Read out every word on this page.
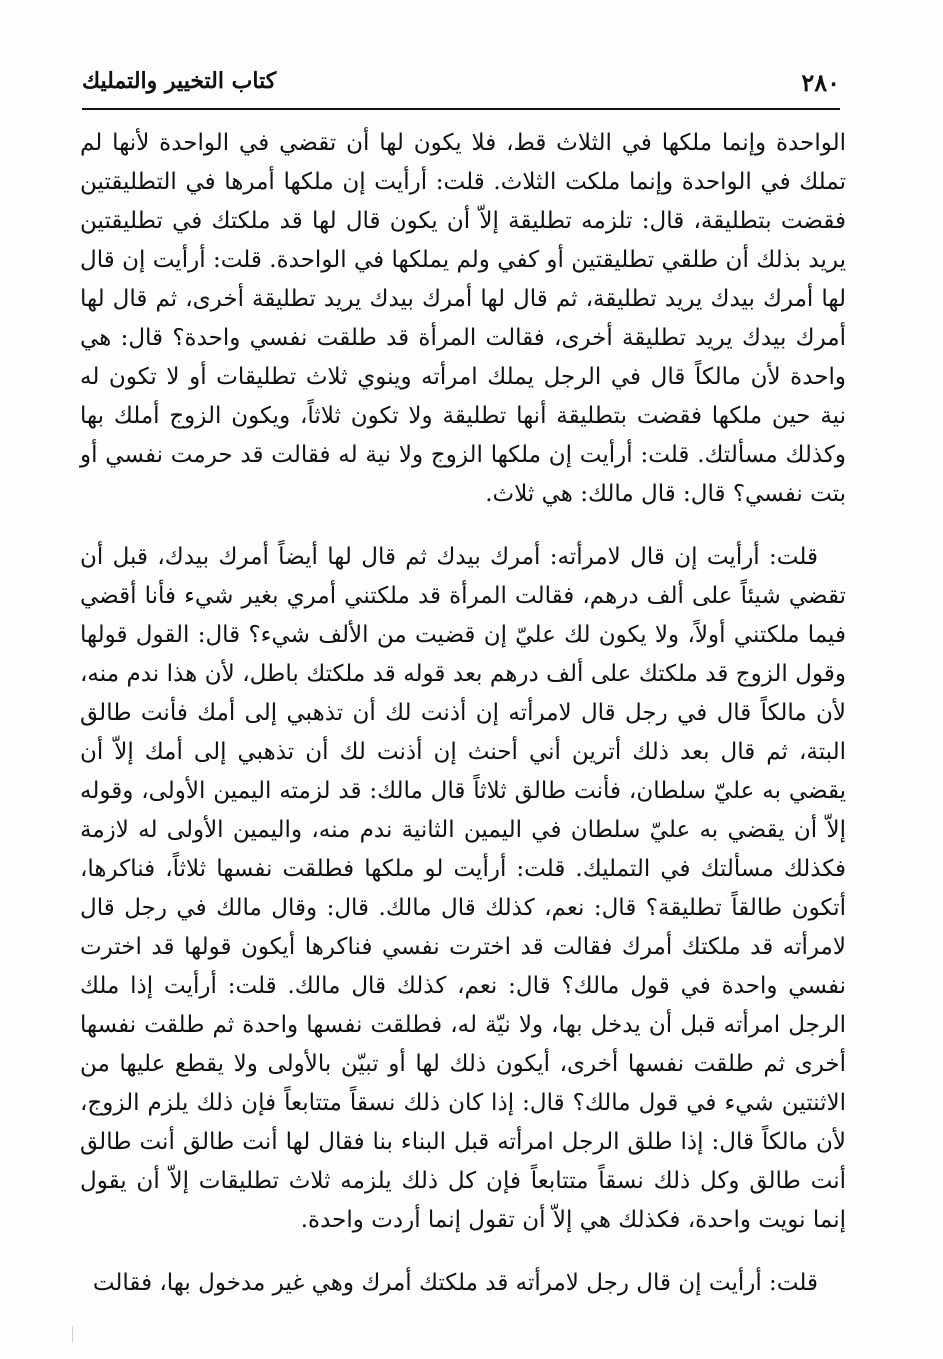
كتاب التخيير والتمليك	٢٨٠

الواحدة وإنما ملكها في الثلاث قط، فلا يكون لها أن تقضي في الواحدة لأنها لم تملك في الواحدة وإنما ملكت الثلاث. قلت: أرأيت إن ملكها أمرها في التطليقتين فقضت بتطليقة، قال: تلزمه تطليقة إلاّ أن يكون قال لها قد ملكتك في تطليقتين يريد بذلك أن طلقي تطليقتين أو كفي ولم يملكها في الواحدة. قلت: أرأيت إن قال لها أمرك بيدك يريد تطليقة، ثم قال لها أمرك بيدك يريد تطليقة أخرى، ثم قال لها أمرك بيدك يريد تطليقة أخرى، فقالت المرأة قد طلقت نفسي واحدة؟ قال: هي واحدة لأن مالكاً قال في الرجل يملك امرأته وينوي ثلاث تطليقات أو لا تكون له نية حين ملكها فقضت بتطليقة أنها تطليقة ولا تكون ثلاثاً، ويكون الزوج أملك بها وكذلك مسألتك. قلت: أرأيت إن ملكها الزوج ولا نية له فقالت قد حرمت نفسي أو بتت نفسي؟ قال: قال مالك: هي ثلاث.

قلت: أرأيت إن قال لامرأته: أمرك بيدك ثم قال لها أيضاً أمرك بيدك، قبل أن تقضي شيئاً على ألف درهم، فقالت المرأة قد ملكتني أمري بغير شيء فأنا أقضي فيما ملكتني أولاً، ولا يكون لك عليّ إن قضيت من الألف شيء؟ قال: القول قولها وقول الزوج قد ملكتك على ألف درهم بعد قوله قد ملكتك باطل، لأن هذا ندم منه، لأن مالكاً قال في رجل قال لامرأته إن أذنت لك أن تذهبي إلى أمك فأنت طالق البتة، ثم قال بعد ذلك أترين أني أحنث إن أذنت لك أن تذهبي إلى أمك إلاّ أن يقضي به عليّ سلطان، فأنت طالق ثلاثاً قال مالك: قد لزمته اليمين الأولى، وقوله إلاّ أن يقضي به عليّ سلطان في اليمين الثانية ندم منه، واليمين الأولى له لازمة فكذلك مسألتك في التمليك. قلت: أرأيت لو ملكها فطلقت نفسها ثلاثاً، فناكرها، أتكون طالقاً تطليقة؟ قال: نعم، كذلك قال مالك. قال: وقال مالك في رجل قال لامرأته قد ملكتك أمرك فقالت قد اخترت نفسي فناكرها أيكون قولها قد اخترت نفسي واحدة في قول مالك؟ قال: نعم، كذلك قال مالك. قلت: أرأيت إذا ملك الرجل امرأته قبل أن يدخل بها، ولا نيّة له، فطلقت نفسها واحدة ثم طلقت نفسها أخرى ثم طلقت نفسها أخرى، أيكون ذلك لها أو تبيّن بالأولى ولا يقطع عليها من الاثنتين شيء في قول مالك؟ قال: إذا كان ذلك نسقاً متتابعاً فإن ذلك يلزم الزوج، لأن مالكاً قال: إذا طلق الرجل امرأته قبل البناء بنا فقال لها أنت طالق أنت طالق أنت طالق وكل ذلك نسقاً متتابعاً فإن كل ذلك يلزمه ثلاث تطليقات إلاّ أن يقول إنما نويت واحدة، فكذلك هي إلاّ أن تقول إنما أردت واحدة.

قلت: أرأيت إن قال رجل لامرأته قد ملكتك أمرك وهي غير مدخول بها، فقالت
